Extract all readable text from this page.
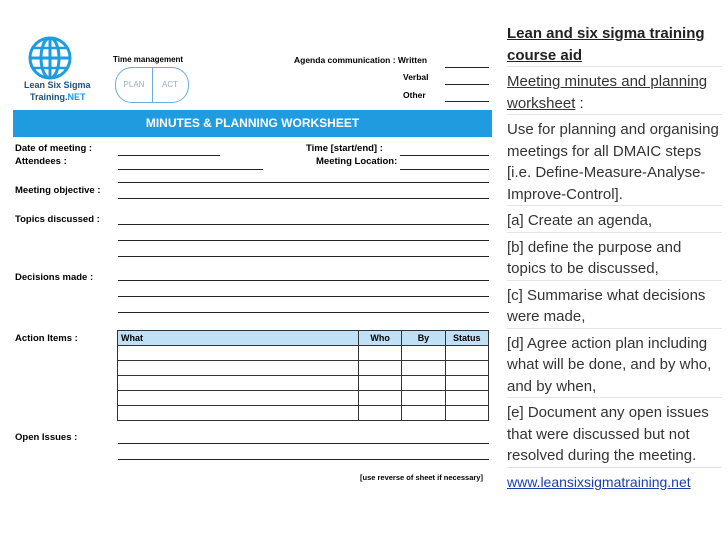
Lean Six Sigma
Training.NET
Time management
PLAN	ACT
Agenda communication : Written
Verbal
Other
MINUTES & PLANNING WORKSHEET
Date of meeting :
Attendees :
Time [start/end] :
Meeting Location:
Meeting objective :
Topics discussed :
Decisions made :
Action Items :	What	Who	By	Status

Open Issues :
[use reverse of sheet if necessary]

Lean and six sigma training course aid

Meeting minutes and planning worksheet :

Use for planning and organising meetings for all DMAIC steps [i.e. Define-Measure-Analyse-Improve-Control].

[a] Create an agenda,

[b] define the purpose and topics to be discussed,

[c] Summarise what decisions were made,

[d] Agree action plan including what will be done, and by who, and by when,

[e] Document any open issues that were discussed but not resolved during the meeting.

www.leansixsigmatraining.net
